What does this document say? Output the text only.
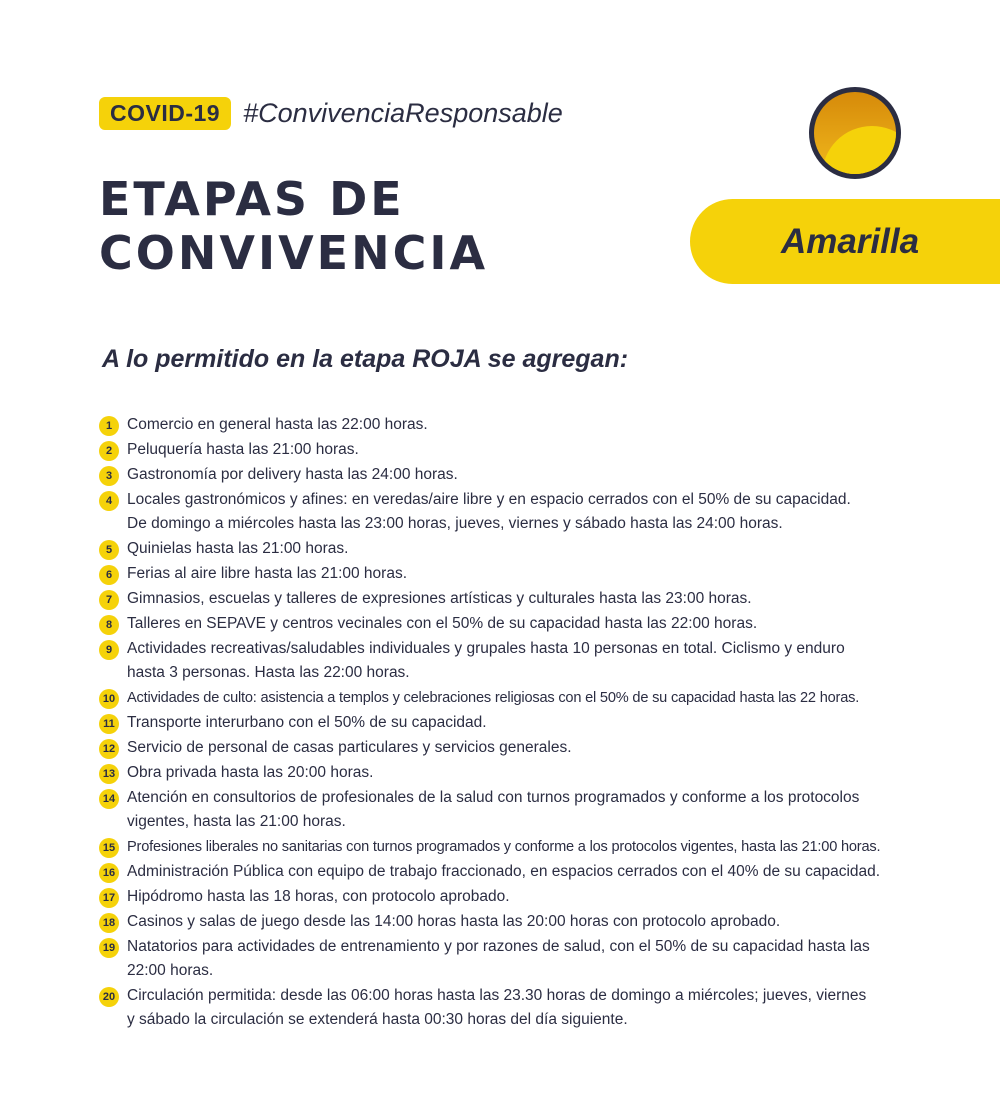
COVID-19 #ConvivenciaResponsable
ETAPAS DE
CONVIVENCIA	Amarilla
A lo permitido en la etapa ROJA se agregan:
1 Comercio en general hasta las 22:00 horas.
2 Peluquería hasta las 21:00 horas.
3 Gastronomía por delivery hasta las 24:00 horas.
4 Locales gastronómicos y afines: en veredas/aire libre y en espacio cerrados con el 50% de su capacidad.
De domingo a miércoles hasta las 23:00 horas, jueves, viernes y sábado hasta las 24:00 horas.
5 Quinielas hasta las 21:00 horas.
6 Ferias al aire libre hasta las 21:00 horas.
7 Gimnasios, escuelas y talleres de expresiones artísticas y culturales hasta las 23:00 horas.
8 Talleres en SEPAVE y centros vecinales con el 50% de su capacidad hasta las 22:00 horas.
9 Actividades recreativas/saludables individuales y grupales hasta 10 personas en total. Ciclismo y enduro
hasta 3 personas. Hasta las 22:00 horas.
10 Actividades de culto: asistencia a templos y celebraciones religiosas con el 50% de su capacidad hasta las 22 horas.
11 Transporte interurbano con el 50% de su capacidad.
12 Servicio de personal de casas particulares y servicios generales.
13 Obra privada hasta las 20:00 horas.
14 Atención en consultorios de profesionales de la salud con turnos programados y conforme a los protocolos
vigentes, hasta las 21:00 horas.
15 Profesiones liberales no sanitarias con turnos programados y conforme a los protocolos vigentes, hasta las 21:00 horas.
16 Administración Pública con equipo de trabajo fraccionado, en espacios cerrados con el 40% de su capacidad.
17 Hipódromo hasta las 18 horas, con protocolo aprobado.
18 Casinos y salas de juego desde las 14:00 horas hasta las 20:00 horas con protocolo aprobado.
19 Natatorios para actividades de entrenamiento y por razones de salud, con el 50% de su capacidad hasta las
22:00 horas.
20 Circulación permitida: desde las 06:00 horas hasta las 23.30 horas de domingo a miércoles; jueves, viernes
y sábado la circulación se extenderá hasta 00:30 horas del día siguiente.
